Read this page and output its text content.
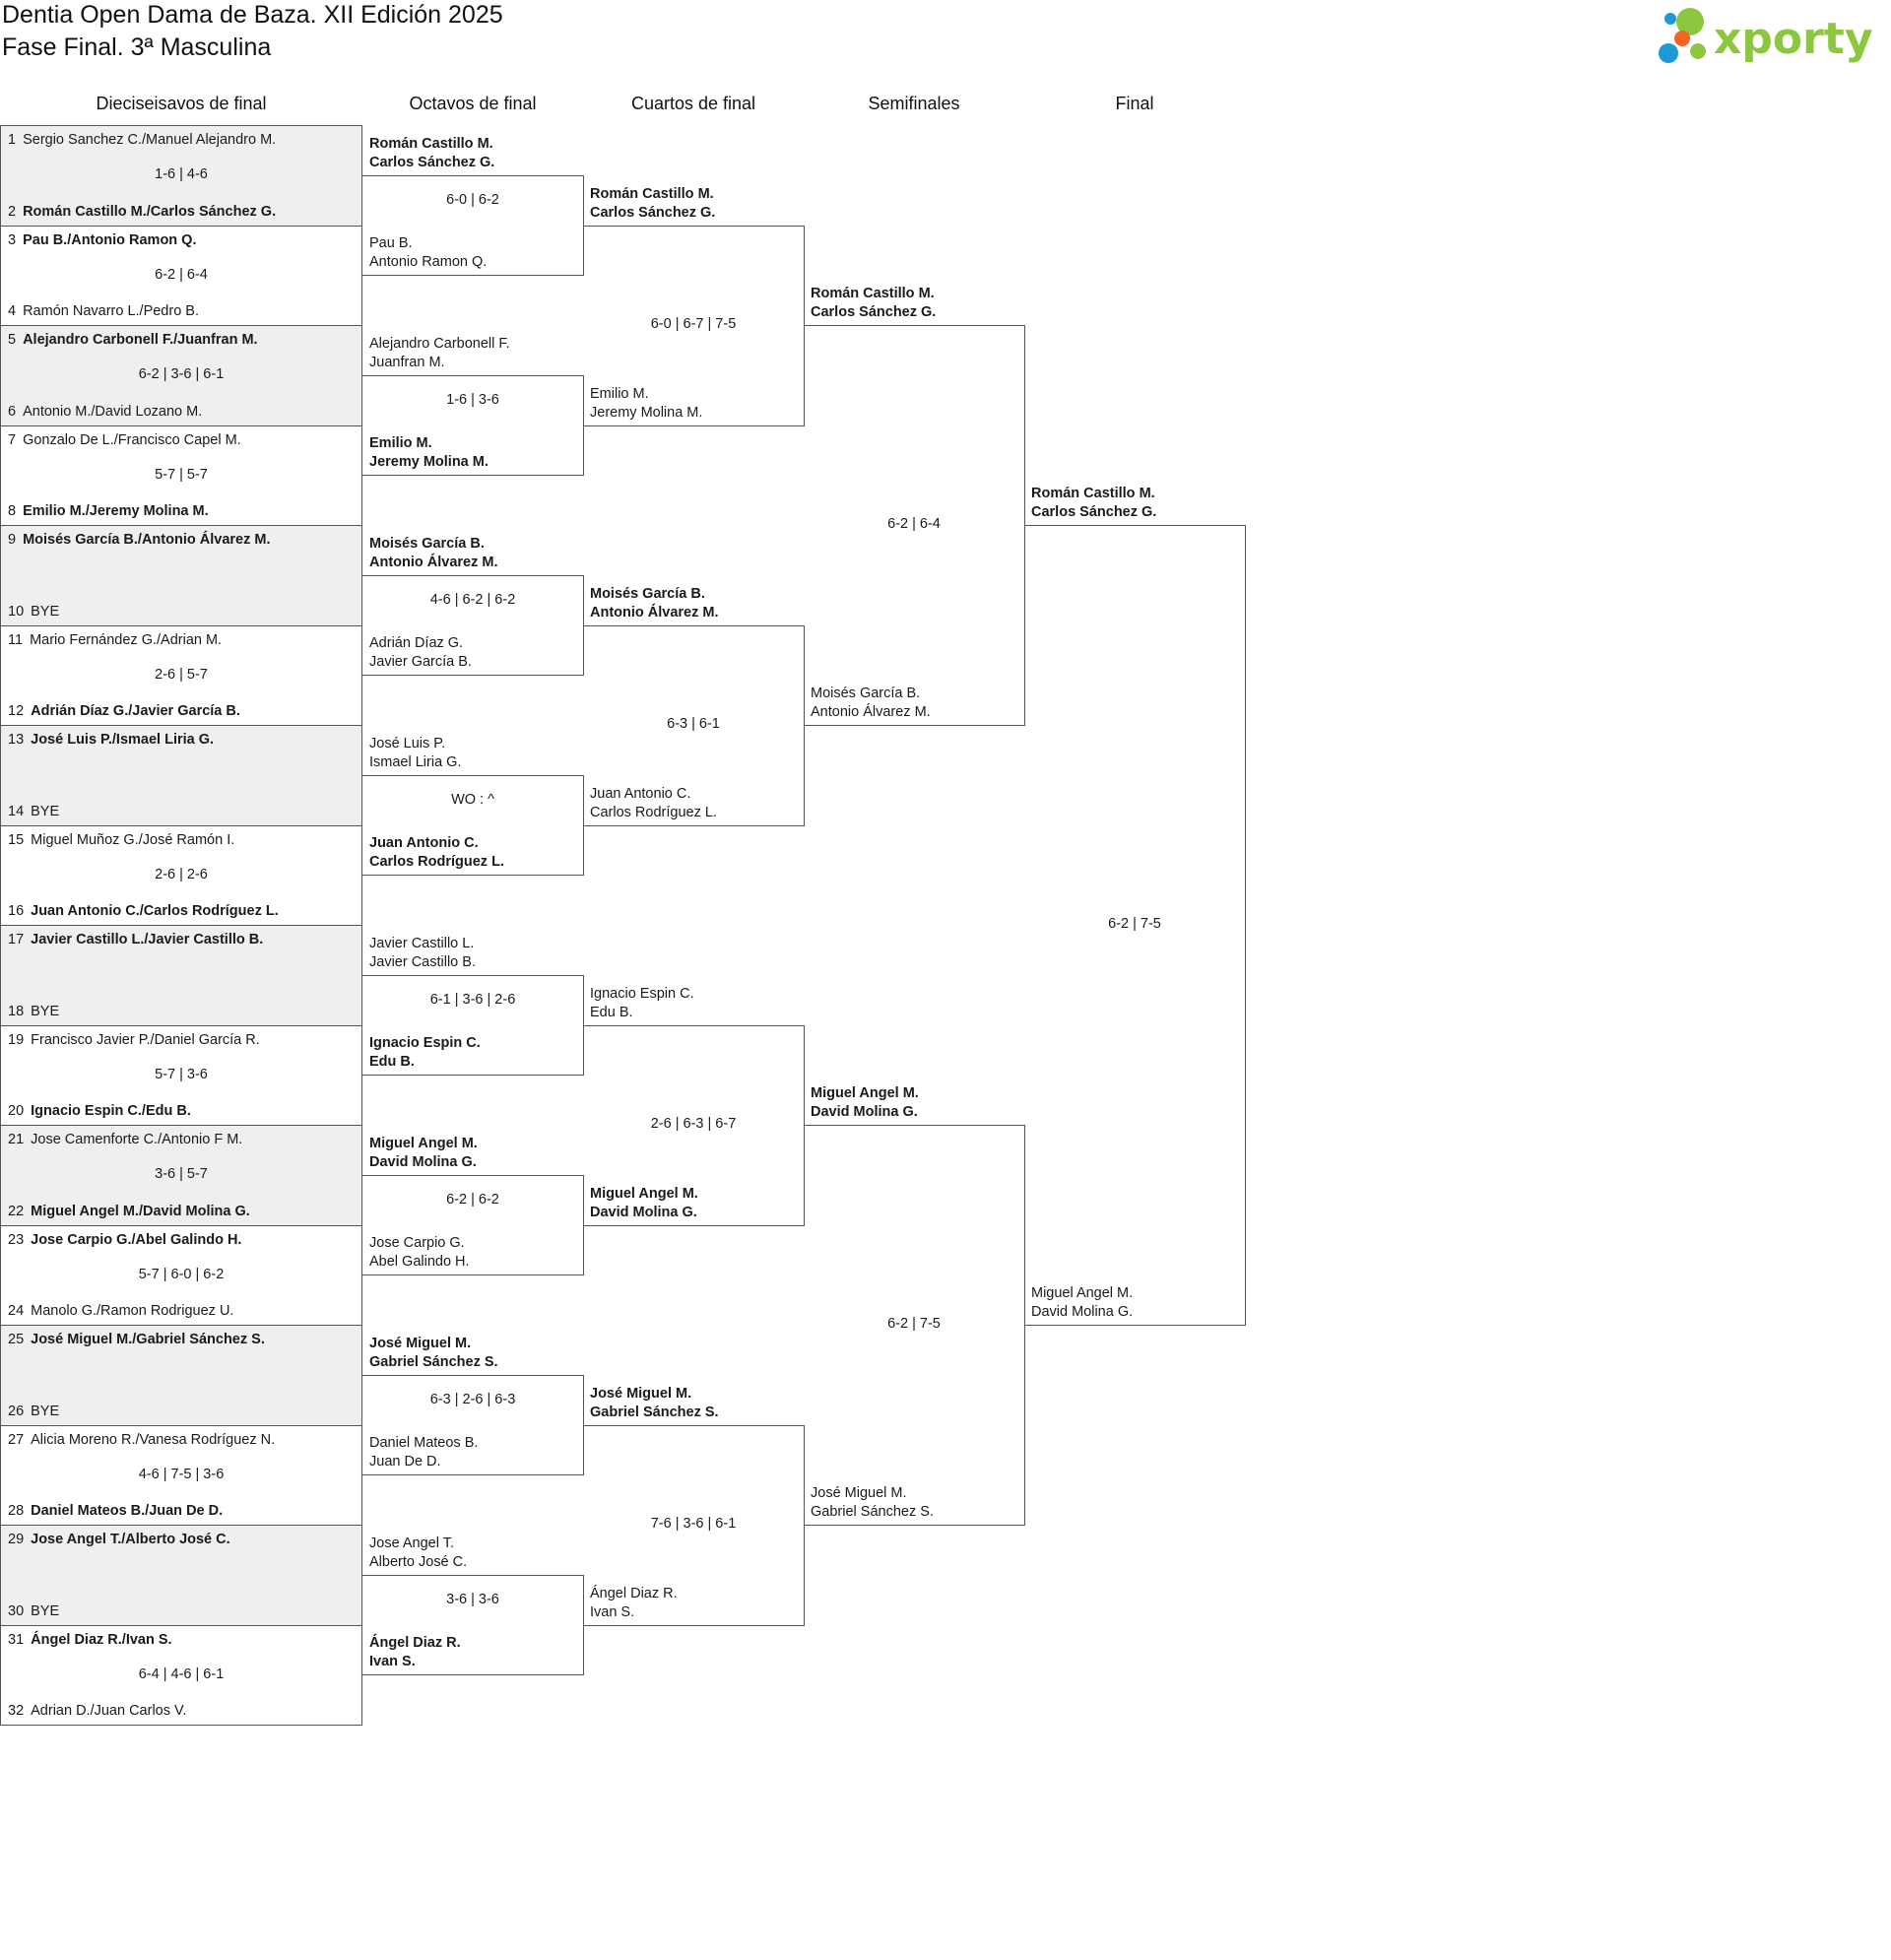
Dentia Open Dama de Baza. XII Edición 2025
Fase Final. 3ª Masculina	xporty
Dieciseisavos de final	Octavos de final	Cuartos de final	Semifinales	Final
1 Sergio Sanchez C./Manuel Alejandro M.
2 Román Castillo M./Carlos Sánchez G.
1-6 | 4-6
3 Pau B./Antonio Ramon Q.
4 Ramón Navarro L./Pedro B.
6-2 | 6-4
5 Alejandro Carbonell F./Juanfran M.
6 Antonio M./David Lozano M.
6-2 | 3-6 | 6-1
7 Gonzalo De L./Francisco Capel M.
8 Emilio M./Jeremy Molina M.
5-7 | 5-7
9 Moisés García B./Antonio Álvarez M.
10 BYE
11 Mario Fernández G./Adrian M.
12 Adrián Díaz G./Javier García B.
2-6 | 5-7
13 José Luis P./Ismael Liria G.
14 BYE
15 Miguel Muñoz G./José Ramón I.
16 Juan Antonio C./Carlos Rodríguez L.
2-6 | 2-6
17 Javier Castillo L./Javier Castillo B.
18 BYE
19 Francisco Javier P./Daniel García R.
20 Ignacio Espin C./Edu B.
5-7 | 3-6
21 Jose Camenforte C./Antonio F M.
22 Miguel Angel M./David Molina G.
3-6 | 5-7
23 Jose Carpio G./Abel Galindo H.
24 Manolo G./Ramon Rodriguez U.
5-7 | 6-0 | 6-2
25 José Miguel M./Gabriel Sánchez S.
26 BYE
27 Alicia Moreno R./Vanesa Rodríguez N.
28 Daniel Mateos B./Juan De D.
4-6 | 7-5 | 3-6
29 Jose Angel T./Alberto José C.
30 BYE
31 Ángel Diaz R./Ivan S.
32 Adrian D./Juan Carlos V.
6-4 | 4-6 | 6-1
Román Castillo M.
Carlos Sánchez G.
Pau B.
Antonio Ramon Q.
6-0 | 6-2
Alejandro Carbonell F.
Juanfran M.
Emilio M.
Jeremy Molina M.
1-6 | 3-6
Moisés García B.
Antonio Álvarez M.
Adrián Díaz G.
Javier García B.
4-6 | 6-2 | 6-2
José Luis P.
Ismael Liria G.
Juan Antonio C.
Carlos Rodríguez L.
WO : ^
Javier Castillo L.
Javier Castillo B.
Ignacio Espin C.
Edu B.
6-1 | 3-6 | 2-6
Miguel Angel M.
David Molina G.
Jose Carpio G.
Abel Galindo H.
6-2 | 6-2
José Miguel M.
Gabriel Sánchez S.
Daniel Mateos B.
Juan De D.
6-3 | 2-6 | 6-3
Jose Angel T.
Alberto José C.
Ángel Diaz R.
Ivan S.
3-6 | 3-6
Román Castillo M.
Carlos Sánchez G.
Emilio M.
Jeremy Molina M.
6-0 | 6-7 | 7-5
Moisés García B.
Antonio Álvarez M.
Juan Antonio C.
Carlos Rodríguez L.
6-3 | 6-1
Ignacio Espin C.
Edu B.
Miguel Angel M.
David Molina G.
2-6 | 6-3 | 6-7
José Miguel M.
Gabriel Sánchez S.
Ángel Diaz R.
Ivan S.
7-6 | 3-6 | 6-1
Román Castillo M.
Carlos Sánchez G.
Moisés García B.
Antonio Álvarez M.
6-2 | 6-4
Miguel Angel M.
David Molina G.
José Miguel M.
Gabriel Sánchez S.
6-2 | 7-5
Román Castillo M.
Carlos Sánchez G.
Miguel Angel M.
David Molina G.
6-2 | 7-5
